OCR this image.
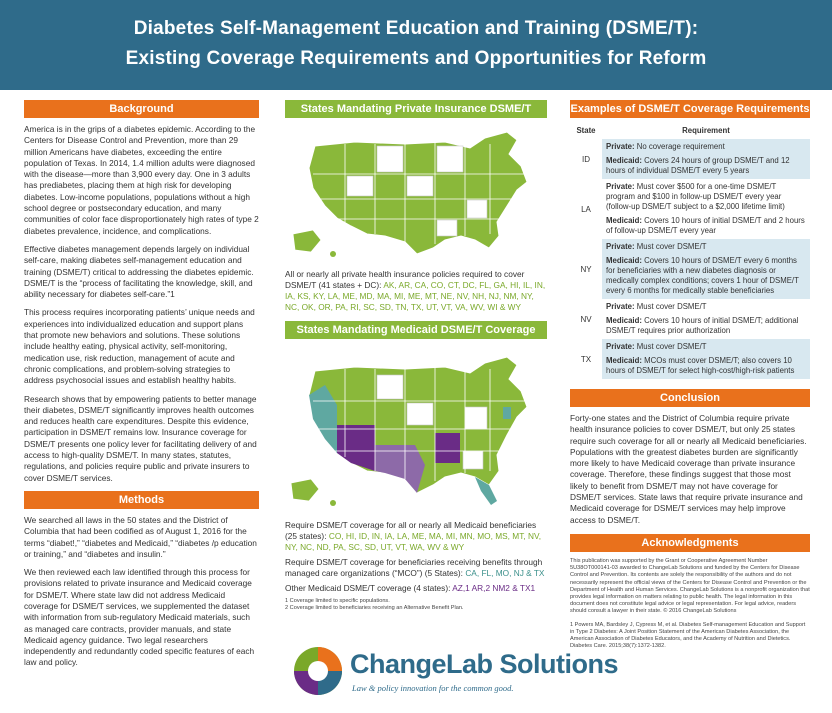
Diabetes Self-Management Education and Training (DSME/T):
Existing Coverage Requirements and Opportunities for Reform
Background

America is in the grips of a diabetes epidemic. According to the Centers for Disease Control and Prevention, more than 29 million Americans have diabetes, exceeding the entire population of Texas. In 2014, 1.4 million adults were diagnosed with the disease—more than 3,900 every day. One in 3 adults has prediabetes, placing them at high risk for developing diabetes. Low-income populations, populations without a high school degree or postsecondary education, and many communities of color face disproportionately high rates of type 2 diabetes prevalence, incidence, and complications.

Effective diabetes management depends largely on individual self-care, making diabetes self-management education and training (DSME/T) critical to addressing the diabetes epidemic. DSME/T is the “process of facilitating the knowledge, skill, and ability necessary for diabetes self-care.”1

This process requires incorporating patients’ unique needs and experiences into individualized education and support plans that promote new behaviors and solutions. These solutions include healthy eating, physical activity, self-monitoring, medication use, risk reduction, management of acute and chronic complications, and problem-solving strategies to address psychosocial issues and establish healthy habits.

Research shows that by empowering patients to better manage their diabetes, DSME/T significantly improves health outcomes and reduces health care expenditures. Despite this evidence, participation in DSME/T remains low. Insurance coverage for DSME/T presents one policy lever for facilitating delivery of and access to high-quality DSME/T. In many states, statutes, regulations, and policies require public and private insurers to cover DSME/T services.

Methods

We searched all laws in the 50 states and the District of Columbia that had been codified as of August 1, 2016 for the terms “diabet!,” “diabetes and Medicaid,” “diabetes /p education or training,” and “diabetes and insulin.”

We then reviewed each law identified through this process for provisions related to private insurance and Medicaid coverage for DSME/T. Where state law did not address Medicaid coverage for DSME/T services, we supplemented the dataset with information from sub-regulatory Medicaid materials, such as managed care contracts, provider manuals, and state Medicaid agency guidance. Two legal researchers independently and redundantly coded specific features of each law and policy.

States Mandating Private Insurance DSME/T Coverage

All or nearly all private health insurance policies required to cover DSME/T (41 states + DC): AK, AR, CA, CO, CT, DC, FL, GA, HI, IL, IN, IA, KS, KY, LA, ME, MD, MA, MI, ME, MT, NE, NV, NH, NJ, NM, NY, NC, OK, OR, PA, RI, SC, SD, TN, TX, UT, VT, VA, WV, WI & WY

States Mandating Medicaid DSME/T Coverage

Require DSME/T coverage for all or nearly all Medicaid beneficiaries (25 states): CO, HI, ID, IN, IA, LA, ME, MA, MI, MN, MO, MS, MT, NV, NY, NC, ND, PA, SC, SD, UT, VT, WA, WV & WY

Require DSME/T coverage for beneficiaries receiving benefits through managed care organizations (“MCO”) (5 States): CA, FL, MO, NJ & TX

Other Medicaid DSME/T coverage (4 states): AZ,1 AR,2 NM2 & TX1

1 Coverage limited to specific populations.

2 Coverage limited to beneficiaries receiving an Alternative Benefit Plan.

ChangeLab Solutions
Law & policy innovation for the common good.
Examples of DSME/T Coverage Requirements
State	Requirement
ID	Private: No coverage requirement
Medicaid: Covers 24 hours of group DSME/T and 12 hours of individual DSME/T every 5 years

LA	Private: Must cover $500 for a one-time DSME/T program and $100 in follow-up DSME/T every year (follow-up DSME/T subject to a $2,000 lifetime limit)
Medicaid: Covers 10 hours of initial DSME/T and 2 hours of follow-up DSME/T every year

NY	Private: Must cover DSME/T
Medicaid: Covers 10 hours of DSME/T every 6 months for beneficiaries with a new diabetes diagnosis or medically complex conditions; covers 1 hour of DSME/T every 6 months for medically stable beneficiaries

NV	Private: Must cover DSME/T
Medicaid: Covers 10 hours of initial DSME/T; additional DSME/T requires prior authorization

TX	Private: Must cover DSME/T
Medicaid: MCOs must cover DSME/T; also covers 10 hours of DSME/T for select high-cost/high-risk patients
Conclusion

Forty-one states and the District of Columbia require private health insurance policies to cover DSME/T, but only 25 states require such coverage for all or nearly all Medicaid beneficiaries. Populations with the greatest diabetes burden are significantly more likely to have Medicaid coverage than private insurance coverage. Therefore, these findings suggest that those most likely to benefit from DSME/T may not have coverage for DSME/T services. State laws that require private insurance and Medicaid coverage for DSME/T services may help improve access to DSME/T.

Acknowledgments

This publication was supported by the Grant or Cooperative Agreement Number 5U38OT000141-03 awarded to ChangeLab Solutions and funded by the Centers for Disease Control and Prevention. Its contents are solely the responsibility of the authors and do not necessarily represent the official views of the Centers for Disease Control and Prevention or the Department of Health and Human Services. ChangeLab Solutions is a nonprofit organization that provides legal information on matters relating to public health. The legal information in this document does not constitute legal advice or legal representation. For legal advice, readers should consult a lawyer in their state. © 2016 ChangeLab Solutions

1 Powers MA, Bardsley J, Cypress M, et al. Diabetes Self-management Education and Support in Type 2 Diabetes: A Joint Position Statement of the American Diabetes Association, the American Association of Diabetes Educators, and the Academy of Nutrition and Dietetics. Diabetes Care. 2015;38(7):1372-1382.
